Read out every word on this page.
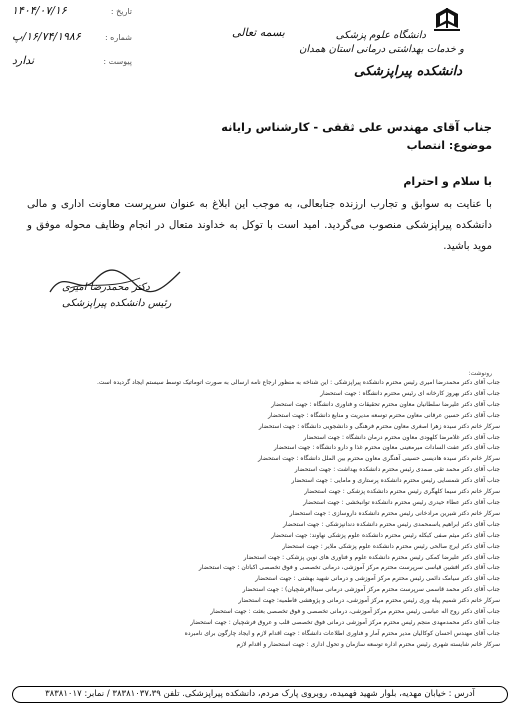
دانشگاه علوم پزشکی
و خدمات بهداشتی درمانی استان همدان
دانشکده پیراپزشکی
بسمه تعالی
تاریخ :
۱۴۰۴/۰۷/۱۶
شماره :
۱۶/۷۴/۱۹۸۶/پ
پیوست :
ندارد
جناب آقای مهندس علی ثقفی - کارشناس رایانه
موضوع: انتصاب
با سلام و احترام
با عنایت به سوابق و تجارب ارزنده جنابعالی، به موجب این ابلاغ به عنوان سرپرست معاونت اداری و مالی دانشکده پیراپزشکی منصوب می‌گردید. امید است با توکل به خداوند متعال در انجام وظایف محوله موفق و موید باشید.
دکتر محمدرضا امیری
رئیس دانشکده پیراپزشکی
رونوشت:
جناب آقای دکتر محمدرضا امیری رئیس محترم دانشکده پیراپزشکی : این شناخه به منظور ارجاع نامه ارسالی به صورت اتوماتیک توسط سیستم ایجاد گردیده است.
جناب آقای دکتر بهروز کارخانه ای رئیس محترم دانشگاه : جهت استحضار
جناب آقای دکتر علیرضا سلطانیان معاون محترم تحقیقات و فناوری دانشگاه : جهت استحضار
جناب آقای دکتر حسین عرفانی معاون محترم توسعه مدیریت و منابع دانشگاه : جهت استحضار
سرکار خانم دکتر سیده زهرا اصغری معاون محترم فرهنگی و دانشجویی دانشگاه : جهت استحضار
جناب آقای دکتر غلامرضا کلهودی معاون محترم درمان دانشگاه : جهت استحضار
جناب آقای دکتر عفت السادات میرمعینی معاون محترم غذا و دارو دانشگاه : جهت استحضار
سرکار خانم دکتر سیده هادیسی حسینی آهنگری معاون محترم بین الملل دانشگاه : جهت استحضار
جناب آقای دکتر محمد تقی صمدی رئیس محترم دانشکده بهداشت : جهت استحضار
جناب آقای دکتر شمسایی رئیس محترم دانشکده پرستاری و مامایی : جهت استحضار
سرکار خانم دکتر سیما کلهگری رئیس محترم دانشکده پزشکی : جهت استحضار
جناب آقای دکتر عطاء حیدری رئیس محترم دانشکده توانبخشی : جهت استحضار
سرکار خانم دکتر شیرین مرادخانی رئیس محترم دانشکده داروسازی : جهت استحضار
جناب آقای دکتر ابراهیم یاسمحمدی رئیس محترم دانشکده دندانپزشکی : جهت استحضار
جناب آقای دکتر میثم صفی کبکله رئیس محترم دانشکده علوم پزشکی نهاوند: جهت استحضار
جناب آقای دکتر ایرج صالحی رئیس محترم دانشکده علوم پزشکی ملایر : جهت استحضار
جناب آقای دکتر علیرضا کمکی رئیس محترم دانشکده علوم و فناوری های نوین پزشکی : جهت استحضار
جناب آقای دکتر افشین قیاسی سرپرست محترم مرکز آموزشی، درمانی تخصصی و فوق تخصصی اکباتان : جهت استحضار
جناب آقای دکتر سیامک دائمی رئیس محترم مرکز آموزشی و درمانی شهید بهشتی : جهت استحضار
جناب آقای دکتر محمد قاسمی سرپرست محترم مرکز آموزشی درمانی سینا(فرشچیان) : جهت استحضار
سرکار خانم دکتر شمیم پیله وری رئیس محترم مرکز آموزشی، درمانی و پژوهشی فاطمیه: جهت استحضار
جناب آقای دکتر روح اله عباسی رئیس محترم مرکز آموزشی، درمانی تخصصی و فوق تخصصی بعثت : جهت استحضار
جناب آقای دکتر محمدمهدی منجم رئیس محترم مرکز آموزشی درمانی فوق تخصصی قلب و عروق فرشچیان : جهت استحضار
جناب آقای مهندس احسان کوکالیان مدیر محترم آمار و فناوری اطلاعات دانشگاه : جهت اقدام لازم و ایجاد چارگون برای نامبرده
سرکار خانم شایسته شهری رئیس محترم اداره توسعه سازمان و تحول اداری : جهت استحضار و اقدام لازم
آدرس : خیابان مهدیه، بلوار شهید فهمیده، روبروی پارک مردم، دانشکده پیراپزشکی. تلفن ۳۸۳۸۱۰۳۷،۳۹ / نمابر: ۳۸۳۸۱۰۱۷
